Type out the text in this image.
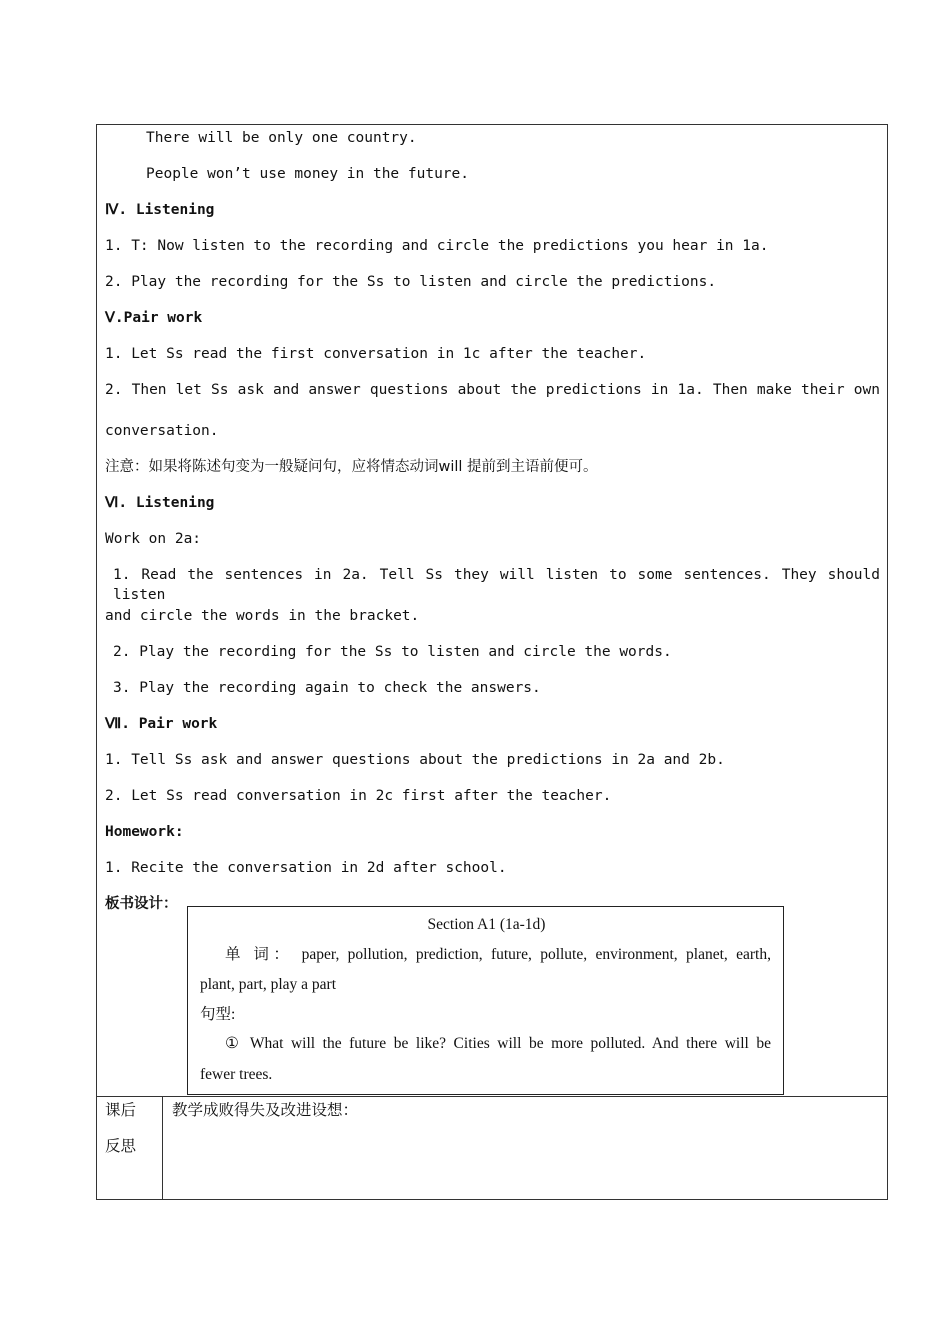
There will be only one country.
People won’t use money in the future.
Ⅳ. Listening
1. T: Now listen to the recording and circle the predictions you hear in 1a.
2. Play the recording for the Ss to listen and circle the predictions.
Ⅴ.Pair work
1. Let Ss read the first conversation in 1c after the teacher.
2. Then let Ss ask and answer questions about the predictions in 1a. Then make their own
conversation.
注意：如果将陈述句变为一般疑问句，应将情态动词will 提前到主语前便可。
Ⅵ. Listening
Work on 2a:
1. Read the sentences in 2a. Tell Ss they will listen to some sentences. They should listen
and circle the words in the bracket.
2. Play the recording for the Ss to listen and circle the words.
3. Play the recording again to check the answers.
Ⅶ. Pair work
1. Tell Ss ask and answer questions about the predictions in 2a and 2b.
2. Let Ss read conversation in 2c first after the teacher.
Homework:
1. Recite the conversation in 2d after school.
板书设计：
Section A1 (1a-1d)
单 词： paper, pollution, prediction, future, pollute, environment, planet, earth,
plant, part, play a part
句型:
① What will the future be like? Cities will be more polluted. And there will be
fewer trees.
课后
反思
教学成败得失及改进设想：
